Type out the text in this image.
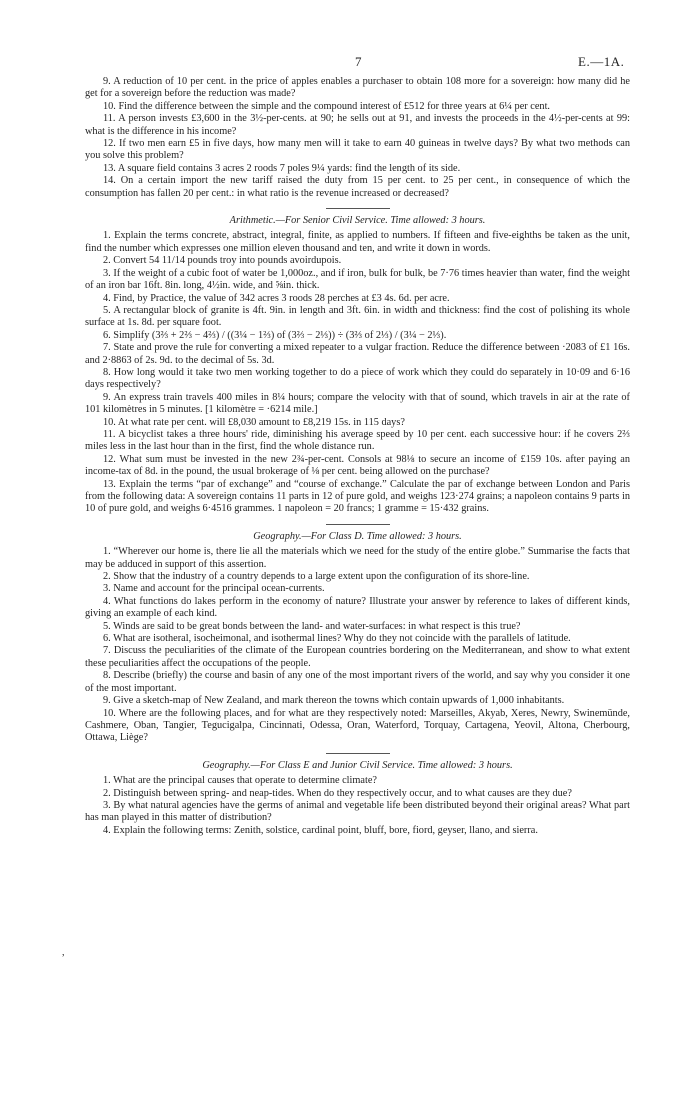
7	E.—1A.

9. A reduction of 10 per cent. in the price of apples enables a purchaser to obtain 108 more for a sovereign: how many did he get for a sovereign before the reduction was made?

10. Find the difference between the simple and the compound interest of £512 for three years at 6¼ per cent.

11. A person invests £3,600 in the 3½-per-cents. at 90; he sells out at 91, and invests the proceeds in the 4½-per-cents at 99: what is the difference in his income?

12. If two men earn £5 in five days, how many men will it take to earn 40 guineas in twelve days? By what two methods can you solve this problem?

13. A square field contains 3 acres 2 roods 7 poles 9¼ yards: find the length of its side.

14. On a certain import the new tariff raised the duty from 15 per cent. to 25 per cent., in consequence of which the consumption has fallen 20 per cent.: in what ratio is the revenue increased or decreased?

Arithmetic.—For Senior Civil Service. Time allowed: 3 hours.

1. Explain the terms concrete, abstract, integral, finite, as applied to numbers. If fifteen and five-eighths be taken as the unit, find the number which expresses one million eleven thousand and ten, and write it down in words.

2. Convert 54 11/14 pounds troy into pounds avoirdupois.

3. If the weight of a cubic foot of water be 1,000oz., and if iron, bulk for bulk, be 7·76 times heavier than water, find the weight of an iron bar 16ft. 8in. long, 4½in. wide, and ⅝in. thick.

4. Find, by Practice, the value of 342 acres 3 roods 28 perches at £3 4s. 6d. per acre.

5. A rectangular block of granite is 4ft. 9in. in length and 3ft. 6in. in width and thickness: find the cost of polishing its whole surface at 1s. 8d. per square foot.

6. Simplify (3⅔ + 2⅔ − 4⅔) / ((3¼ − 1⅔) of (3⅔ − 2⅓)) ÷ (3⅔ of 2⅓) / (3¼ − 2⅓).

7. State and prove the rule for converting a mixed repeater to a vulgar fraction. Reduce the difference between ·2083 of £1 16s. and 2·8863 of 2s. 9d. to the decimal of 5s. 3d.

8. How long would it take two men working together to do a piece of work which they could do separately in 10·09 and 6·16 days respectively?

9. An express train travels 400 miles in 8¼ hours; compare the velocity with that of sound, which travels in air at the rate of 101 kilomètres in 5 minutes. [1 kilomètre = ·6214 mile.]

10. At what rate per cent. will £8,030 amount to £8,219 15s. in 115 days?

11. A bicyclist takes a three hours' ride, diminishing his average speed by 10 per cent. each successive hour: if he covers 2⅔ miles less in the last hour than in the first, find the whole distance run.

12. What sum must be invested in the new 2¾-per-cent. Consols at 98⅛ to secure an income of £159 10s. after paying an income-tax of 8d. in the pound, the usual brokerage of ⅛ per cent. being allowed on the purchase?

13. Explain the terms “par of exchange” and “course of exchange.” Calculate the par of exchange between London and Paris from the following data: A sovereign contains 11 parts in 12 of pure gold, and weighs 123·274 grains; a napoleon contains 9 parts in 10 of pure gold, and weighs 6·4516 grammes. 1 napoleon = 20 francs; 1 gramme = 15·432 grains.

Geography.—For Class D. Time allowed: 3 hours.

1. “Wherever our home is, there lie all the materials which we need for the study of the entire globe.” Summarise the facts that may be adduced in support of this assertion.

2. Show that the industry of a country depends to a large extent upon the configuration of its shore-line.

3. Name and account for the principal ocean-currents.

4. What functions do lakes perform in the economy of nature? Illustrate your answer by reference to lakes of different kinds, giving an example of each kind.

5. Winds are said to be great bonds between the land- and water-surfaces: in what respect is this true?

6. What are isotheral, isocheimonal, and isothermal lines? Why do they not coincide with the parallels of latitude.

7. Discuss the peculiarities of the climate of the European countries bordering on the Mediterranean, and show to what extent these peculiarities affect the occupations of the people.

8. Describe (briefly) the course and basin of any one of the most important rivers of the world, and say why you consider it one of the most important.

9. Give a sketch-map of New Zealand, and mark thereon the towns which contain upwards of 1,000 inhabitants.

10. Where are the following places, and for what are they respectively noted: Marseilles, Akyab, Xeres, Newry, Swinemünde, Cashmere, Oban, Tangier, Tegucigalpa, Cincinnati, Odessa, Oran, Waterford, Torquay, Cartagena, Yeovil, Altona, Cherbourg, Ottawa, Liège?

Geography.—For Class E and Junior Civil Service. Time allowed: 3 hours.

1. What are the principal causes that operate to determine climate?

2. Distinguish between spring- and neap-tides. When do they respectively occur, and to what causes are they due?

3. By what natural agencies have the germs of animal and vegetable life been distributed beyond their original areas? What part has man played in this matter of distribution?

4. Explain the following terms: Zenith, solstice, cardinal point, bluff, bore, fiord, geyser, llano, and sierra.

,
